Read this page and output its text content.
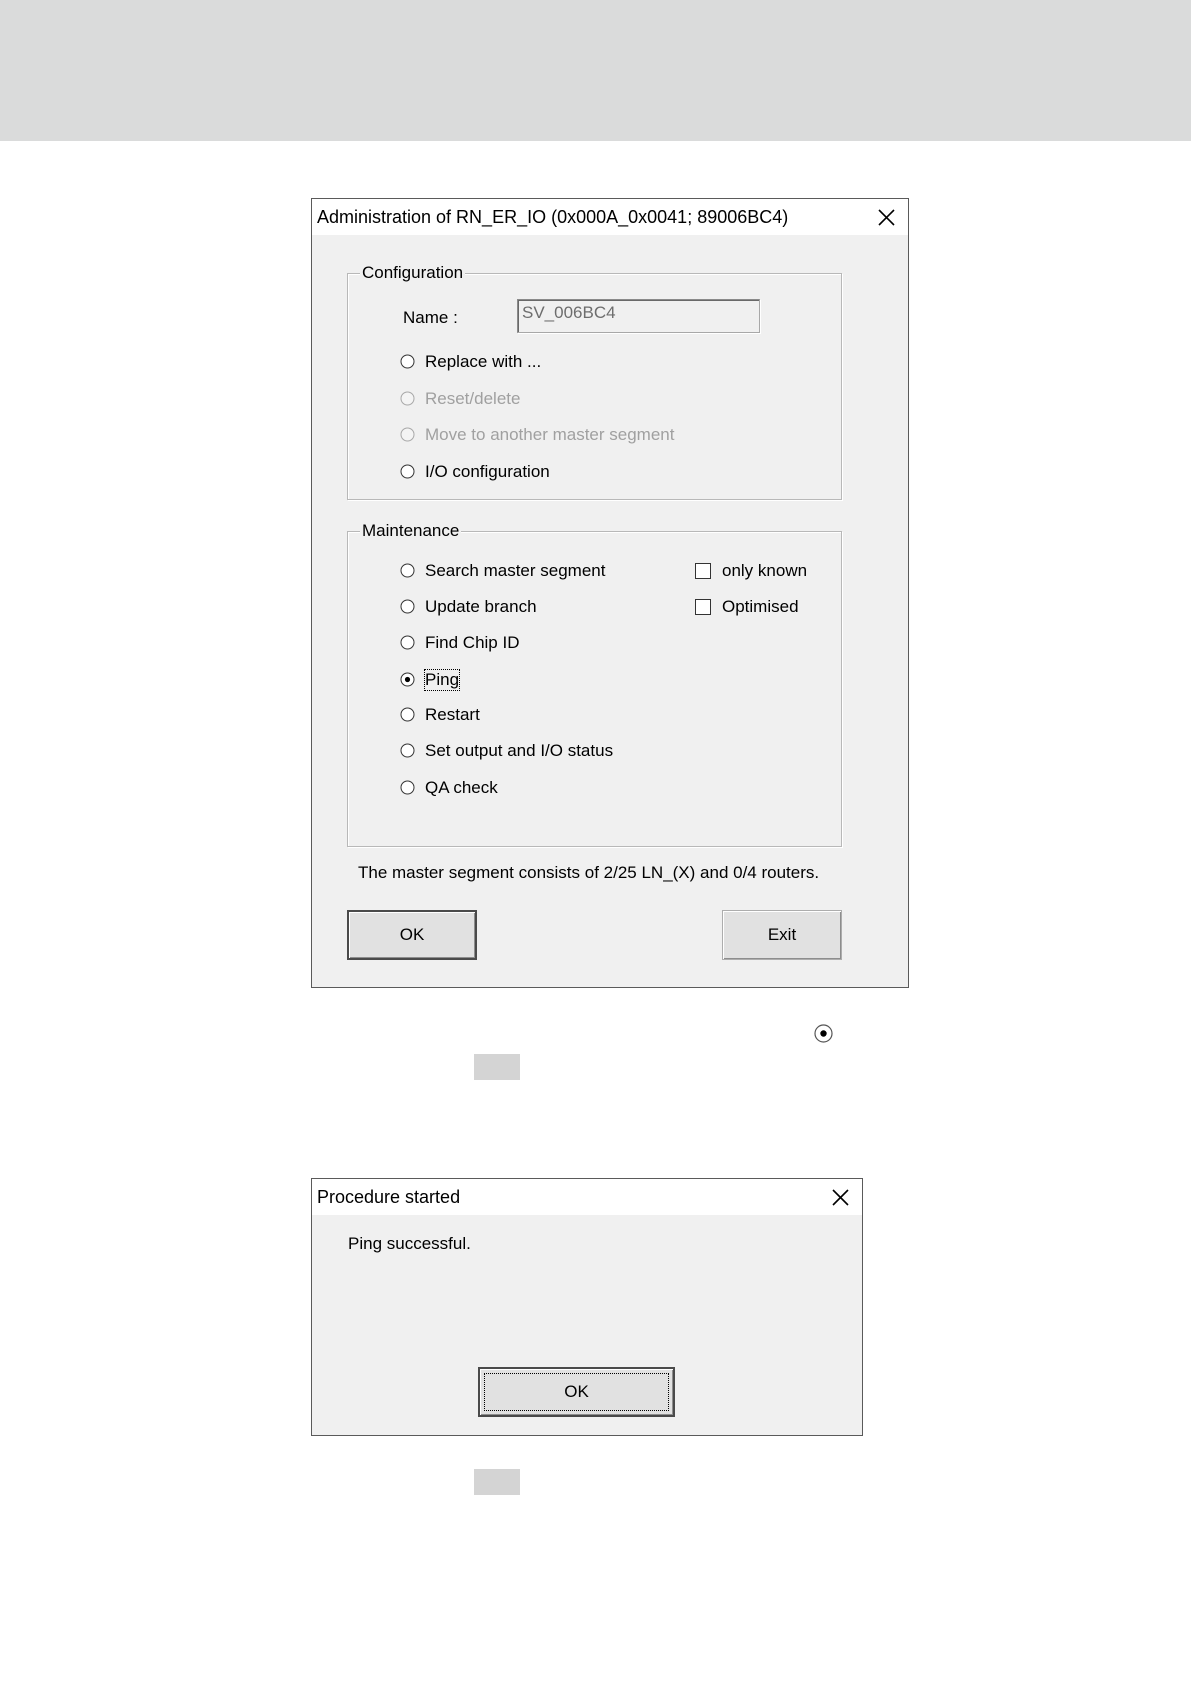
Administration of RN_ER_IO (0x000A_0x0041; 89006BC4)
Configuration
Name :	SV_006BC4
Replace with ...
Reset/delete
Move to another master segment
I/O configuration
Maintenance
Search master segment
Update branch
Find Chip ID
Ping
Restart
Set output and I/O status
QA check
only known
Optimised
The master segment consists of 2/25 LN_(X) and 0/4 routers.
OK	Exit
Procedure started
Ping successful.
OK
